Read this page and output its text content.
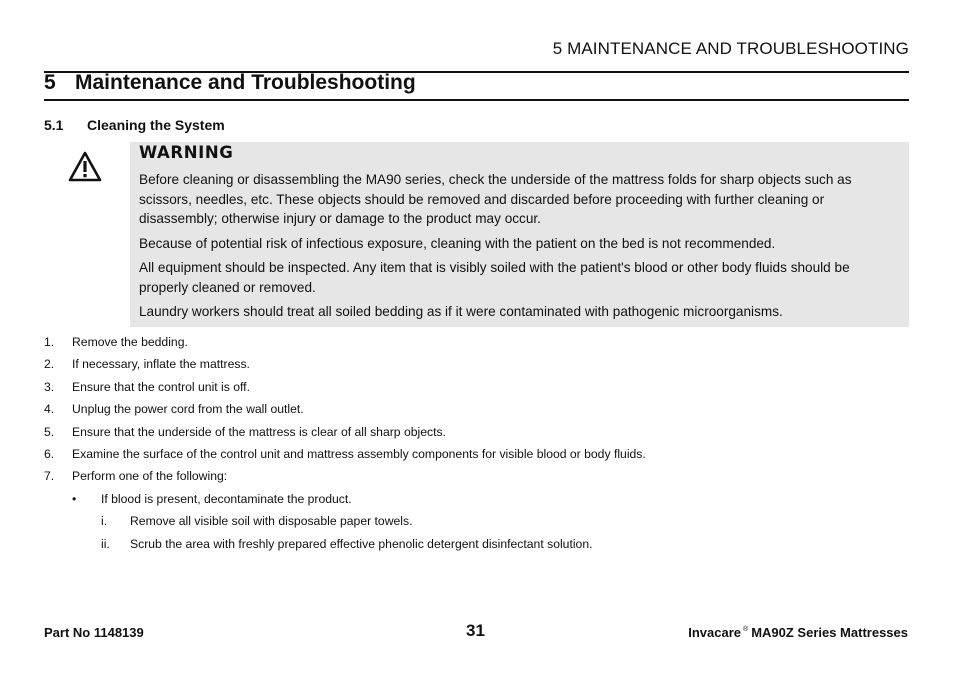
5 MAINTENANCE AND TROUBLESHOOTING
5 Maintenance and Troubleshooting
5.1 Cleaning the System
WARNING

Before cleaning or disassembling the MA90 series, check the underside of the mattress folds for sharp objects such as scissors, needles, etc. These objects should be removed and discarded before proceeding with further cleaning or disassembly; otherwise injury or damage to the product may occur.

Because of potential risk of infectious exposure, cleaning with the patient on the bed is not recommended.

All equipment should be inspected. Any item that is visibly soiled with the patient's blood or other body fluids should be properly cleaned or removed.

Laundry workers should treat all soiled bedding as if it were contaminated with pathogenic microorganisms.

1. Remove the bedding.
2. If necessary, inflate the mattress.
3. Ensure that the control unit is off.
4. Unplug the power cord from the wall outlet.
5. Ensure that the underside of the mattress is clear of all sharp objects.
6. Examine the surface of the control unit and mattress assembly components for visible blood or body fluids.
7. Perform one of the following:
• If blood is present, decontaminate the product.
i. Remove all visible soil with disposable paper towels.
ii. Scrub the area with freshly prepared effective phenolic detergent disinfectant solution.
Part No 1148139	31	Invacare ® MA90Z Series Mattresses
